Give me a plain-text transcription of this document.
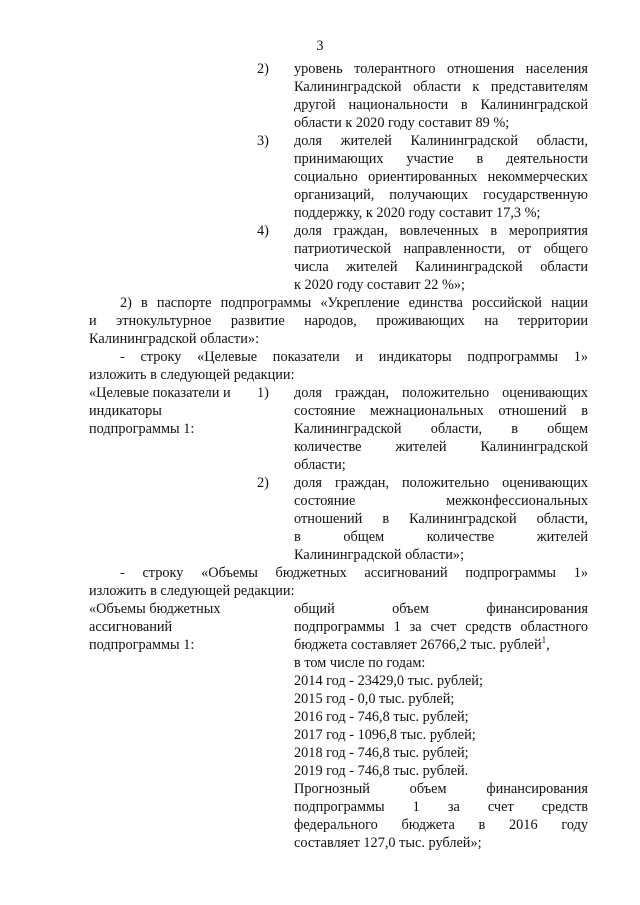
3
2)	уровень толерантного отношения населения

Калининградской области к представителям

другой национальности в Калининградской

области к 2020 году составит 89 %;

3)	доля жителей Калининградской области,

принимающих участие в деятельности

социально ориентированных некоммерческих

организаций, получающих государственную

поддержку, к 2020 году составит 17,3 %;

4)	доля граждан, вовлеченных в мероприятия

патриотической направленности, от общего

числа жителей Калининградской области

к 2020 году составит 22 %»;

2) в паспорте подпрограммы «Укрепление единства российской нации

и этнокультурное развитие народов, проживающих на территории

Калининградской области»:

- строку «Целевые показатели и индикаторы подпрограммы 1»

изложить в следующей редакции:

«Целевые показатели и
индикаторы
подпрограммы 1:
1)	доля граждан, положительно оценивающих

состояние межнациональных отношений в

Калининградской области, в общем

количестве жителей Калининградской

области;

2)	доля граждан, положительно оценивающих

состояние межконфессиональных

отношений в Калининградской области,

в общем количестве жителей

Калининградской области»;

- строку «Объемы бюджетных ассигнований подпрограммы 1»

изложить в следующей редакции:

«Объемы бюджетных
ассигнований
подпрограммы 1:

общий объем финансирования

подпрограммы 1 за счет средств областного

бюджета составляет 26766,2 тыс. рублей$^1$,

в том числе по годам:

2014 год - 23429,0 тыс. рублей;

2015 год - 0,0 тыс. рублей;

2016 год - 746,8 тыс. рублей;

2017 год - 1096,8 тыс. рублей;

2018 год - 746,8 тыс. рублей;

2019 год - 746,8 тыс. рублей.

Прогнозный объем финансирования

подпрограммы 1 за счет средств

федерального бюджета в 2016 году

составляет 127,0 тыс. рублей»;
